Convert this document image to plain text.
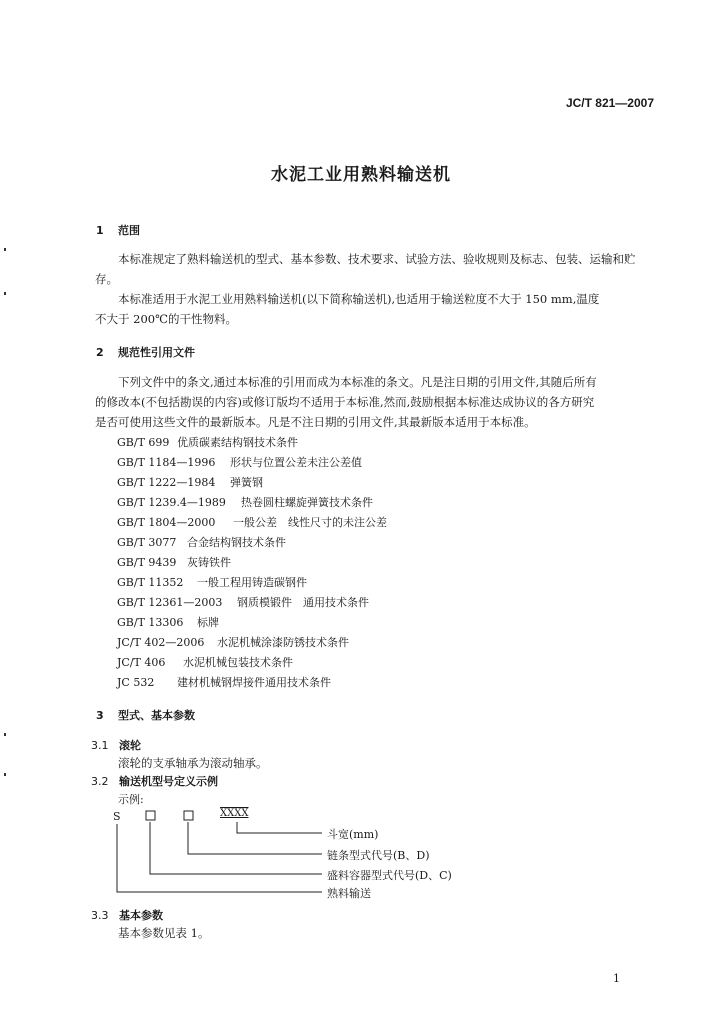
JC/T 821—2007
水泥工业用熟料输送机
1 范围
本标准规定了熟料输送机的型式、基本参数、技术要求、试验方法、验收规则及标志、包装、运输和贮
存。
本标准适用于水泥工业用熟料输送机(以下简称输送机),也适用于输送粒度不大于 150 mm,温度
不大于 200℃的干性物料。
2 规范性引用文件
下列文件中的条文,通过本标准的引用而成为本标准的条文。凡是注日期的引用文件,其随后所有
的修改本(不包括勘误的内容)或修订版均不适用于本标准,然而,鼓励根据本标准达成协议的各方研究
是否可使用这些文件的最新版本。凡是不注日期的引用文件,其最新版本适用于本标准。
GB/T 699 优质碳素结构钢技术条件
GB/T 1184—1996 形状与位置公差未注公差值
GB/T 1222—1984 弹簧钢
GB/T 1239.4—1989 热卷圆柱螺旋弹簧技术条件
GB/T 1804—2000 一般公差　线性尺寸的未注公差
GB/T 3077 合金结构钢技术条件
GB/T 9439 灰铸铁件
GB/T 11352 一般工程用铸造碳钢件
GB/T 12361—2003 钢质模锻件　通用技术条件
GB/T 13306 标牌
JC/T 402—2006 水泥机械涂漆防锈技术条件
JC/T 406 水泥机械包装技术条件
JC 532 建材机械钢焊接件通用技术条件
3 型式、基本参数
3.1 滚轮
滚轮的支承轴承为滚动轴承。
3.2 输送机型号定义示例
示例:
S	XXXX
斗宽(mm)
链条型式代号(B、D)
盛料容器型式代号(D、C)
熟料输送
3.3 基本参数
基本参数见表 1。
1
